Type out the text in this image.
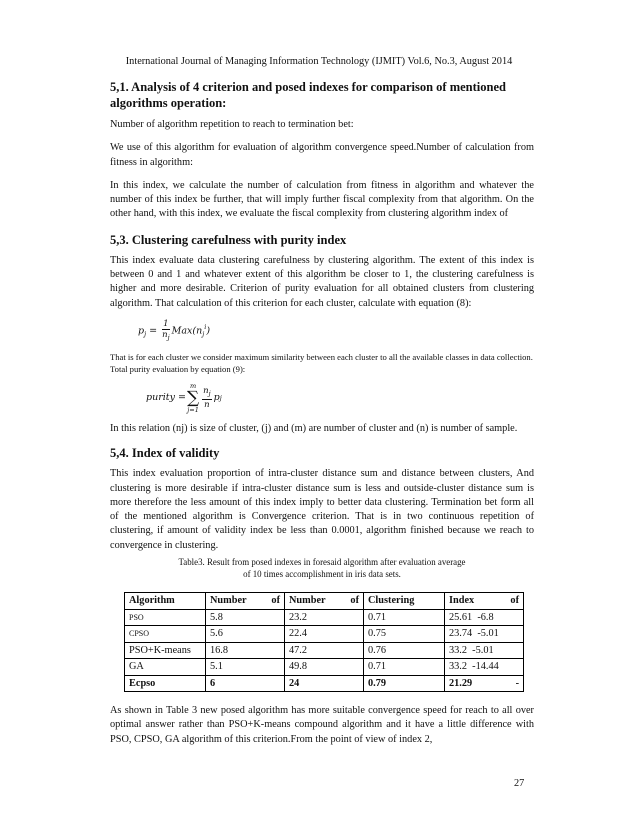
International Journal of Managing Information Technology (IJMIT) Vol.6, No.3, August 2014

5,1. Analysis of 4 criterion and posed indexes for comparison of mentioned algorithms operation:

Number of algorithm repetition to reach to termination bet:

We use of this algorithm for evaluation of algorithm convergence speed.Number of calculation from fitness in algorithm:

In this index, we calculate the number of calculation from fitness in algorithm and whatever the number of this index be further, that will imply further fiscal complexity from that algorithm. On the other hand, with this index, we evaluate the fiscal complexity from clustering algorithm index of

5,3. Clustering carefulness with purity index

This index evaluate data clustering carefulness by clustering algorithm. The extent of this index is between 0 and 1 and whatever extent of this algorithm be closer to 1, the clustering carefulness is higher and more desirable. Criterion of purity evaluation for all obtained clusters from clustering algorithm. That calculation of this criterion for each cluster, calculate with equation (8):

$p_j = \frac{1}{n_j} Max(n_j^i)$

That is for each cluster we consider maximum similarity between each cluster to all the available classes in data collection.

Total purity evaluation by equation (9):

purity
=
m
∑
j=1
$\frac{n_j}{n}$ p j

In this relation (nj) is size of cluster, (j) and (m) are number of cluster and (n) is number of sample.

5,4. Index of validity

This index evaluation proportion of intra-cluster distance sum and distance between clusters, And clustering is more desirable if intra-cluster distance sum is less and outside-cluster distance sum is more therefore the less amount of this index imply to better data clustering. Termination bet form all of the mentioned algorithm is Convergence criterion. That is in two continuous repetition of clustering, if amount of validity index be less than 0.0001, algorithm finished because we reach to convergence in clustering.

Table3. Result from posed indexes in foresaid algorithm after evaluation average
of 10 times accomplishment in iris data sets.
Algorithm	Number of	Number of	Clustering	Index of

PSO	5.8	23.2	0.71	25.61  -6.8
CPSO	5.6	22.4	0.75	23.74  -5.01
PSO+K-means	16.8	47.2	0.76	33.2  -5.01
GA	5.1	49.8	0.71	33.2  -14.44
Ecpso	6	24	0.79	21.29 -

As shown in Table 3 new posed algorithm has more suitable convergence speed for reach to all over optimal answer rather than PSO+K-means compound algorithm and it have a little difference with PSO, CPSO, GA algorithm of this criterion.From the point of view of index 2,

27
